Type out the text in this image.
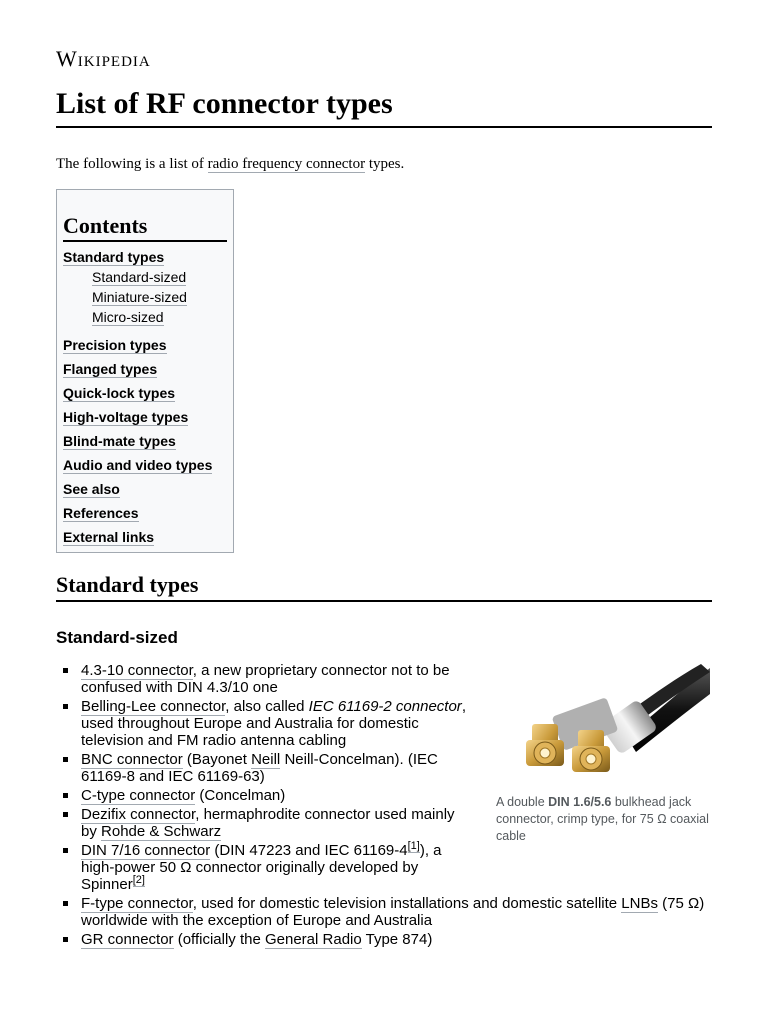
Wikipedia
List of RF connector types
The following is a list of radio frequency connector types.
Contents
Standard types
Standard-sized
Miniature-sized
Micro-sized
Precision types
Flanged types
Quick-lock types
High-voltage types
Blind-mate types
Audio and video types
See also
References
External links
Standard types
Standard-sized
A double DIN 1.6/5.6 bulkhead jack connector, crimp type, for 75 Ω coaxial cable
4.3-10 connector, a new proprietary connector not to be confused with DIN 4.3/10 one
Belling-Lee connector, also called IEC 61169-2 connector, used throughout Europe and Australia for domestic television and FM radio antenna cabling
BNC connector (Bayonet Neill Neill-Concelman). (IEC 61169-8 and IEC 61169-63)
C-type connector (Concelman)
Dezifix connector, hermaphrodite connector used mainly by Rohde & Schwarz
DIN 7/16 connector (DIN 47223 and IEC 61169-4[1]), a high-power 50 Ω connector originally developed by Spinner[2]
F-type connector, used for domestic television installations and domestic satellite LNBs (75 Ω) worldwide with the exception of Europe and Australia
GR connector (officially the General Radio Type 874)
